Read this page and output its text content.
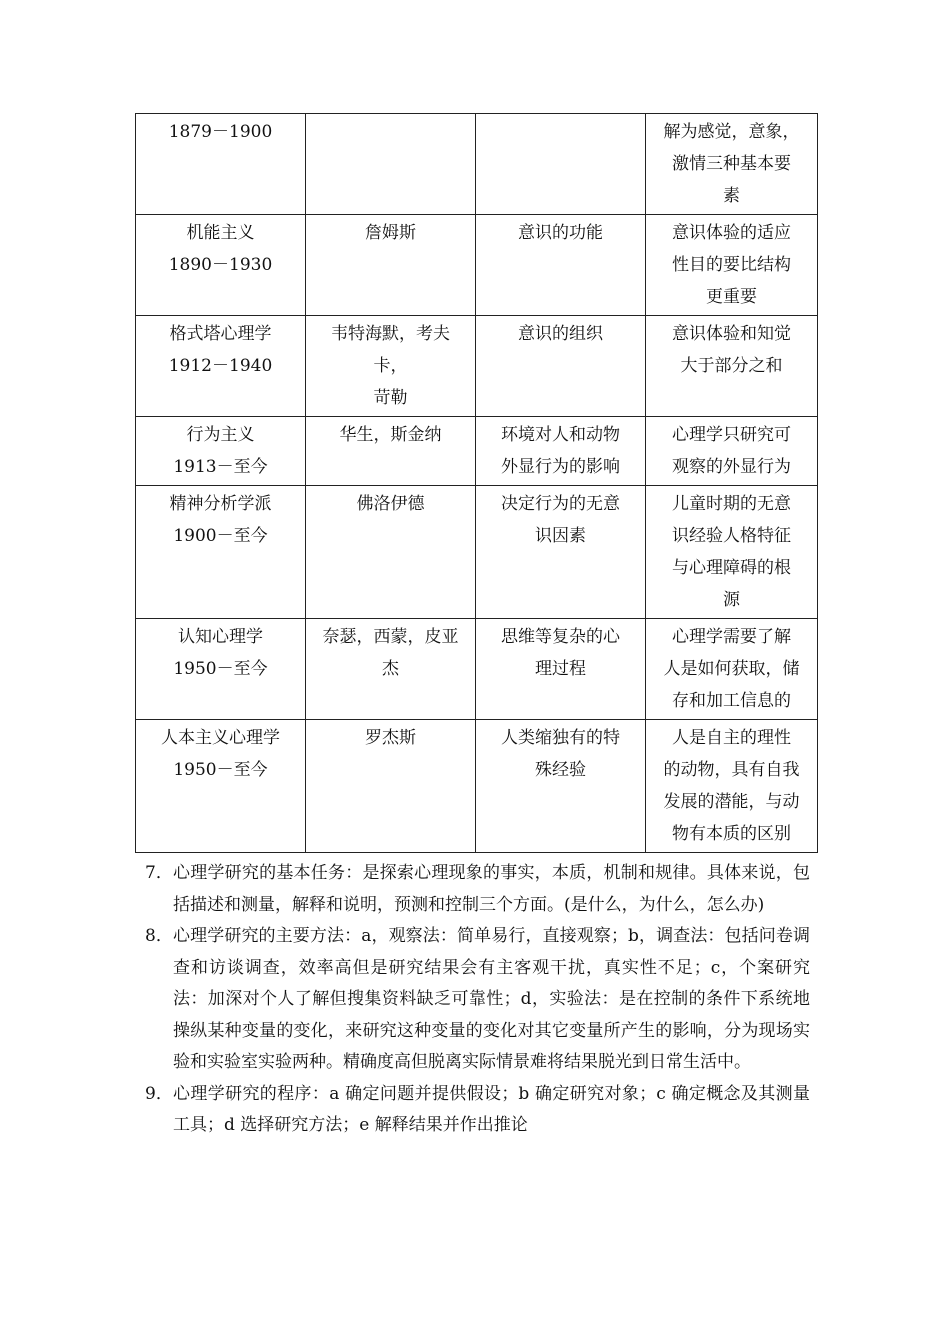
1879－1900			解为感觉，意象，
激情三种基本要
素

机能主义
1890－1930	詹姆斯	意识的功能	意识体验的适应
性目的要比结构
更重要

格式塔心理学
1912－1940	韦特海默，考夫
卡，
苛勒	意识的组织	意识体验和知觉
大于部分之和

行为主义
1913－至今	华生，斯金纳	环境对人和动物
外显行为的影响	心理学只研究可
观察的外显行为

精神分析学派
1900－至今	佛洛伊德	决定行为的无意
识因素	儿童时期的无意
识经验人格特征
与心理障碍的根
源

认知心理学
1950－至今	奈瑟，西蒙，皮亚
杰	思维等复杂的心
理过程	心理学需要了解
人是如何获取，储
存和加工信息的

人本主义心理学
1950－至今	罗杰斯	人类缩独有的特
殊经验	人是自主的理性
的动物，具有自我
发展的潜能，与动
物有本质的区别
7． 心理学研究的基本任务：是探索心理现象的事实，本质，机制和规律。具体来说，包括描述和测量，解释和说明，预测和控制三个方面。(是什么，为什么，怎么办)
8． 心理学研究的主要方法：a，观察法：简单易行，直接观察；b，调查法：包括问卷调查和访谈调查，效率高但是研究结果会有主客观干扰，真实性不足；c，个案研究法：加深对个人了解但搜集资料缺乏可靠性；d，实验法：是在控制的条件下系统地操纵某种变量的变化，来研究这种变量的变化对其它变量所产生的影响，分为现场实验和实验室实验两种。精确度高但脱离实际情景难将结果脱光到日常生活中。
9． 心理学研究的程序：a 确定问题并提供假设；b 确定研究对象；c 确定概念及其测量工具；d 选择研究方法；e 解释结果并作出推论
